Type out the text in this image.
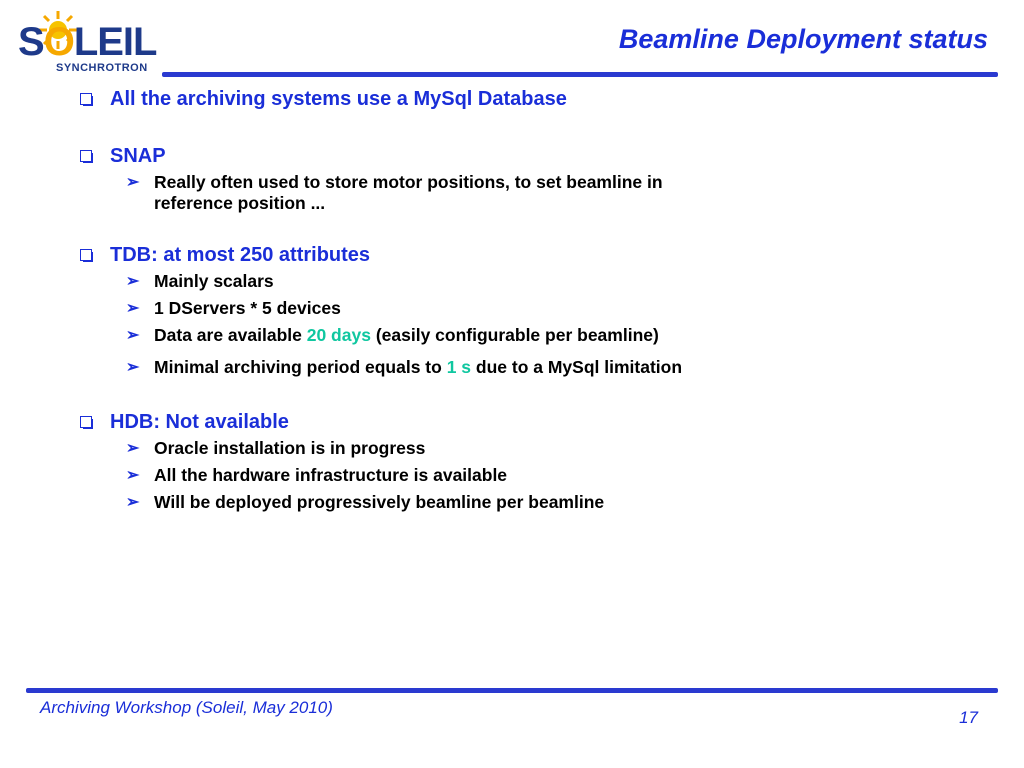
SOLEIL
SYNCHROTRON
Beamline Deployment status
All the archiving systems use a MySql Database
SNAP
➢ Really often used to store motor positions, to set beamline in
reference position ...
TDB: at most 250 attributes
➢ Mainly scalars
➢ 1 DServers * 5 devices
➢ Data are available 20 days (easily configurable per beamline)
➢ Minimal archiving period equals to 1 s due to a MySql limitation
HDB: Not available
➢ Oracle installation is in progress
➢ All the hardware infrastructure is available
➢ Will be deployed progressively beamline per beamline
Archiving Workshop (Soleil, May 2010)
17
